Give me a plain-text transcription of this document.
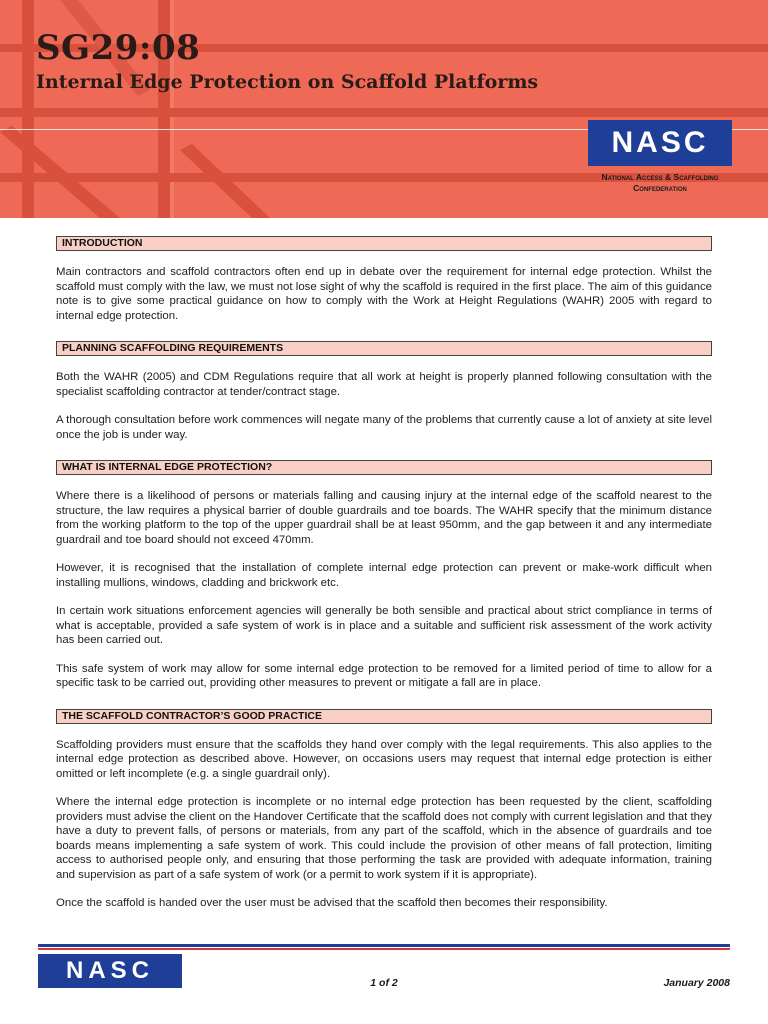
SG29:08
Internal Edge Protection on Scaffold Platforms
NASC
National Access & Scaffolding
Confederation
INTRODUCTION

Main contractors and scaffold contractors often end up in debate over the requirement for internal edge protection. Whilst the scaffold must comply with the law, we must not lose sight of why the scaffold is required in the first place. The aim of this guidance note is to give some practical guidance on how to comply with the Work at Height Regulations (WAHR) 2005 with regard to internal edge protection.

PLANNING SCAFFOLDING REQUIREMENTS

Both the WAHR (2005) and CDM Regulations require that all work at height is properly planned following consultation with the specialist scaffolding contractor at tender/contract stage.

A thorough consultation before work commences will negate many of the problems that currently cause a lot of anxiety at site level once the job is under way.

WHAT IS INTERNAL EDGE PROTECTION?

Where there is a likelihood of persons or materials falling and causing injury at the internal edge of the scaffold nearest to the structure, the law requires a physical barrier of double guardrails and toe boards. The WAHR specify that the minimum distance from the working platform to the top of the upper guardrail shall be at least 950mm, and the gap between it and any intermediate guardrail and toe board should not exceed 470mm.

However, it is recognised that the installation of complete internal edge protection can prevent or make-work difficult when installing mullions, windows, cladding and brickwork etc.

In certain work situations enforcement agencies will generally be both sensible and practical about strict compliance in terms of what is acceptable, provided a safe system of work is in place and a suitable and sufficient risk assessment of the work activity has been carried out.

This safe system of work may allow for some internal edge protection to be removed for a limited period of time to allow for a specific task to be carried out, providing other measures to prevent or mitigate a fall are in place.

THE SCAFFOLD CONTRACTOR’S GOOD PRACTICE

Scaffolding providers must ensure that the scaffolds they hand over comply with the legal requirements. This also applies to the internal edge protection as described above. However, on occasions users may request that internal edge protection is either omitted or left incomplete (e.g. a single guardrail only).

Where the internal edge protection is incomplete or no internal edge protection has been requested by the client, scaffolding providers must advise the client on the Handover Certificate that the scaffold does not comply with current legislation and that they have a duty to prevent falls, of persons or materials, from any part of the scaffold, which in the absence of guardrails and toe boards means implementing a safe system of work. This could include the provision of other means of fall protection, limiting access to authorised people only, and ensuring that those performing the task are provided with adequate information, training and supervision as part of a safe system of work (or a permit to work system if it is appropriate).

Once the scaffold is handed over the user must be advised that the scaffold then becomes their responsibility.

NASC	1 of 2	January 2008
